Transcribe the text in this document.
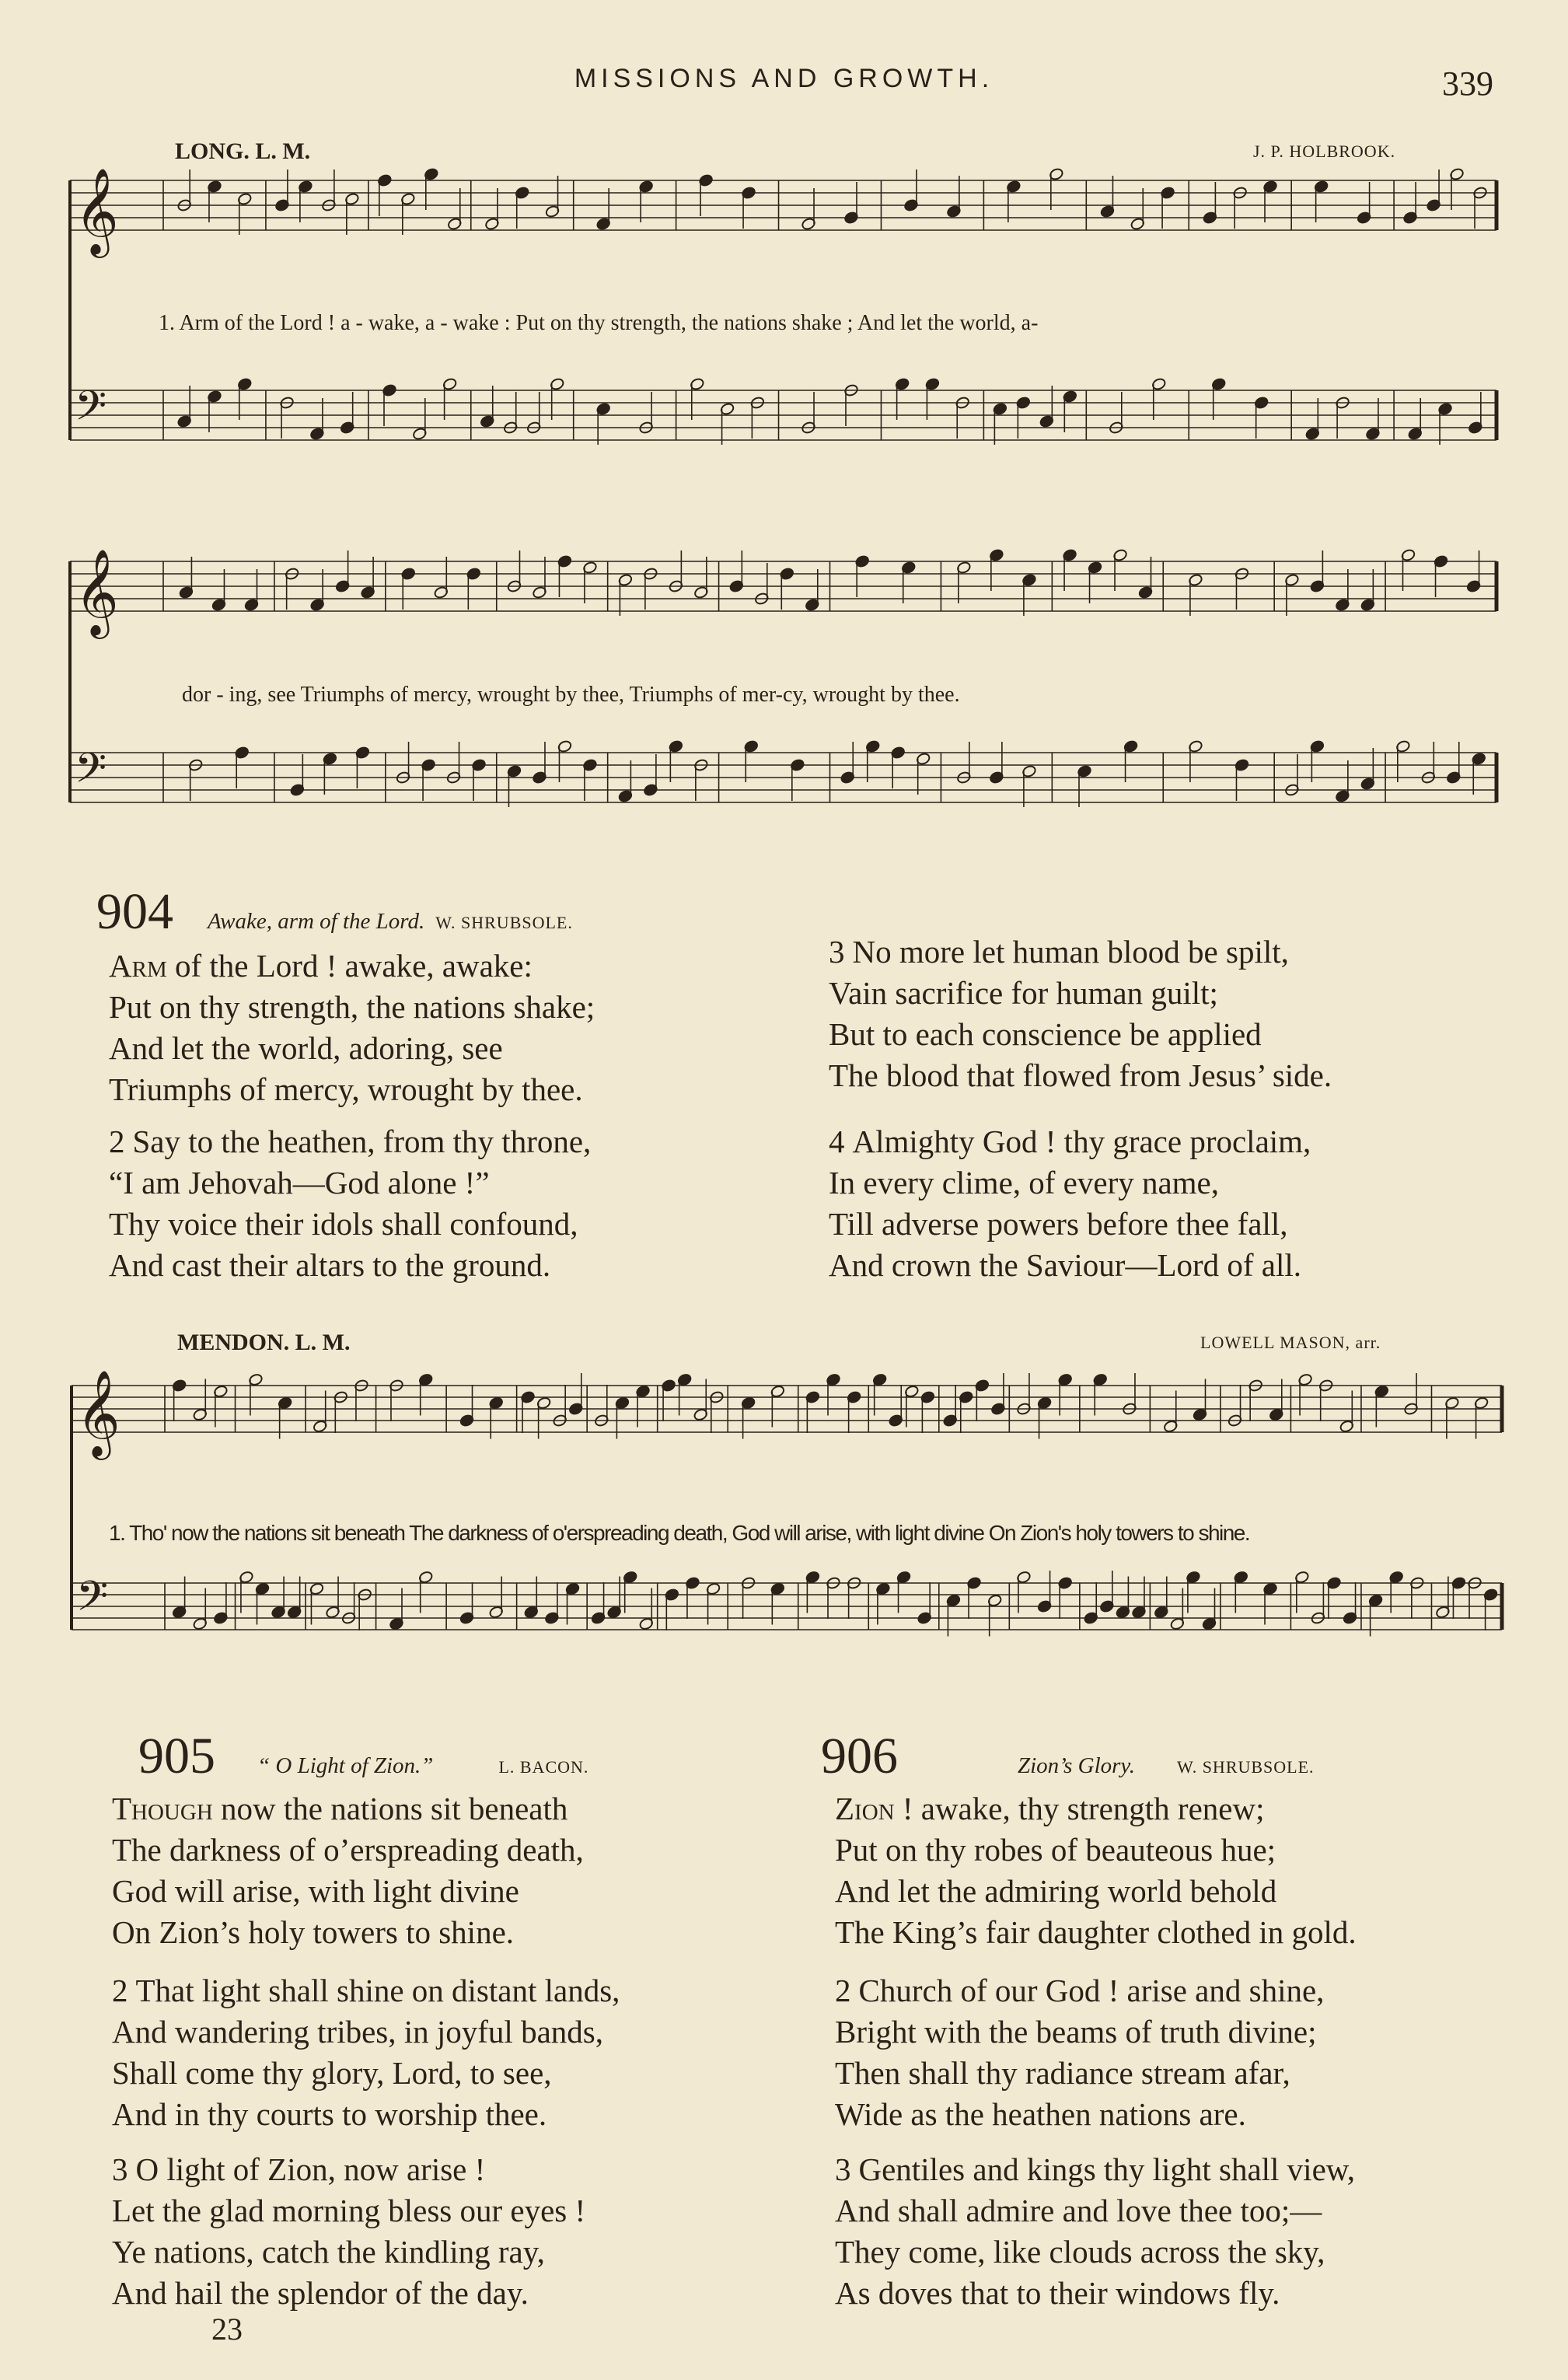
MISSIONS AND GROWTH.	339
𝄞
𝄢
𝄞
𝄢
𝄞
𝄢
LONG. L. M.	J. P. HOLBROOK.
1. Arm of the Lord ! a - wake, a - wake : Put on thy strength, the nations shake ; And let the world, a-
dor - ing, see Triumphs of mercy, wrought by thee, Triumphs of mer-cy, wrought by thee.
904 Awake, arm of the Lord. W. SHRUBSOLE.
Arm of the Lord ! awake, awake:
Put on thy strength, the nations shake;
And let the world, adoring, see
Triumphs of mercy, wrought by thee.
2 Say to the heathen, from thy throne,
“I am Jehovah—God alone !”
Thy voice their idols shall confound,
And cast their altars to the ground.
3 No more let human blood be spilt,
Vain sacrifice for human guilt;
But to each conscience be applied
The blood that flowed from Jesus’ side.
4 Almighty God ! thy grace proclaim,
In every clime, of every name,
Till adverse powers before thee fall,
And crown the Saviour—Lord of all.
MENDON. L. M.	LOWELL MASON, arr.
1. Tho' now the nations sit beneath The darkness of o'erspreading death, God will arise, with light divine On Zion's holy towers to shine.
905 “ O Light of Zion.”	L. BACON.
Though now the nations sit beneath
The darkness of o’erspreading death,
God will arise, with light divine
On Zion’s holy towers to shine.
2 That light shall shine on distant lands,
And wandering tribes, in joyful bands,
Shall come thy glory, Lord, to see,
And in thy courts to worship thee.
3 O light of Zion, now arise !
Let the glad morning bless our eyes !
Ye nations, catch the kindling ray,
And hail the splendor of the day.
906	Zion’s Glory. W. SHRUBSOLE.
Zion ! awake, thy strength renew;
Put on thy robes of beauteous hue;
And let the admiring world behold
The King’s fair daughter clothed in gold.
2 Church of our God ! arise and shine,
Bright with the beams of truth divine;
Then shall thy radiance stream afar,
Wide as the heathen nations are.
3 Gentiles and kings thy light shall view,
And shall admire and love thee too;—
They come, like clouds across the sky,
As doves that to their windows fly.
23
